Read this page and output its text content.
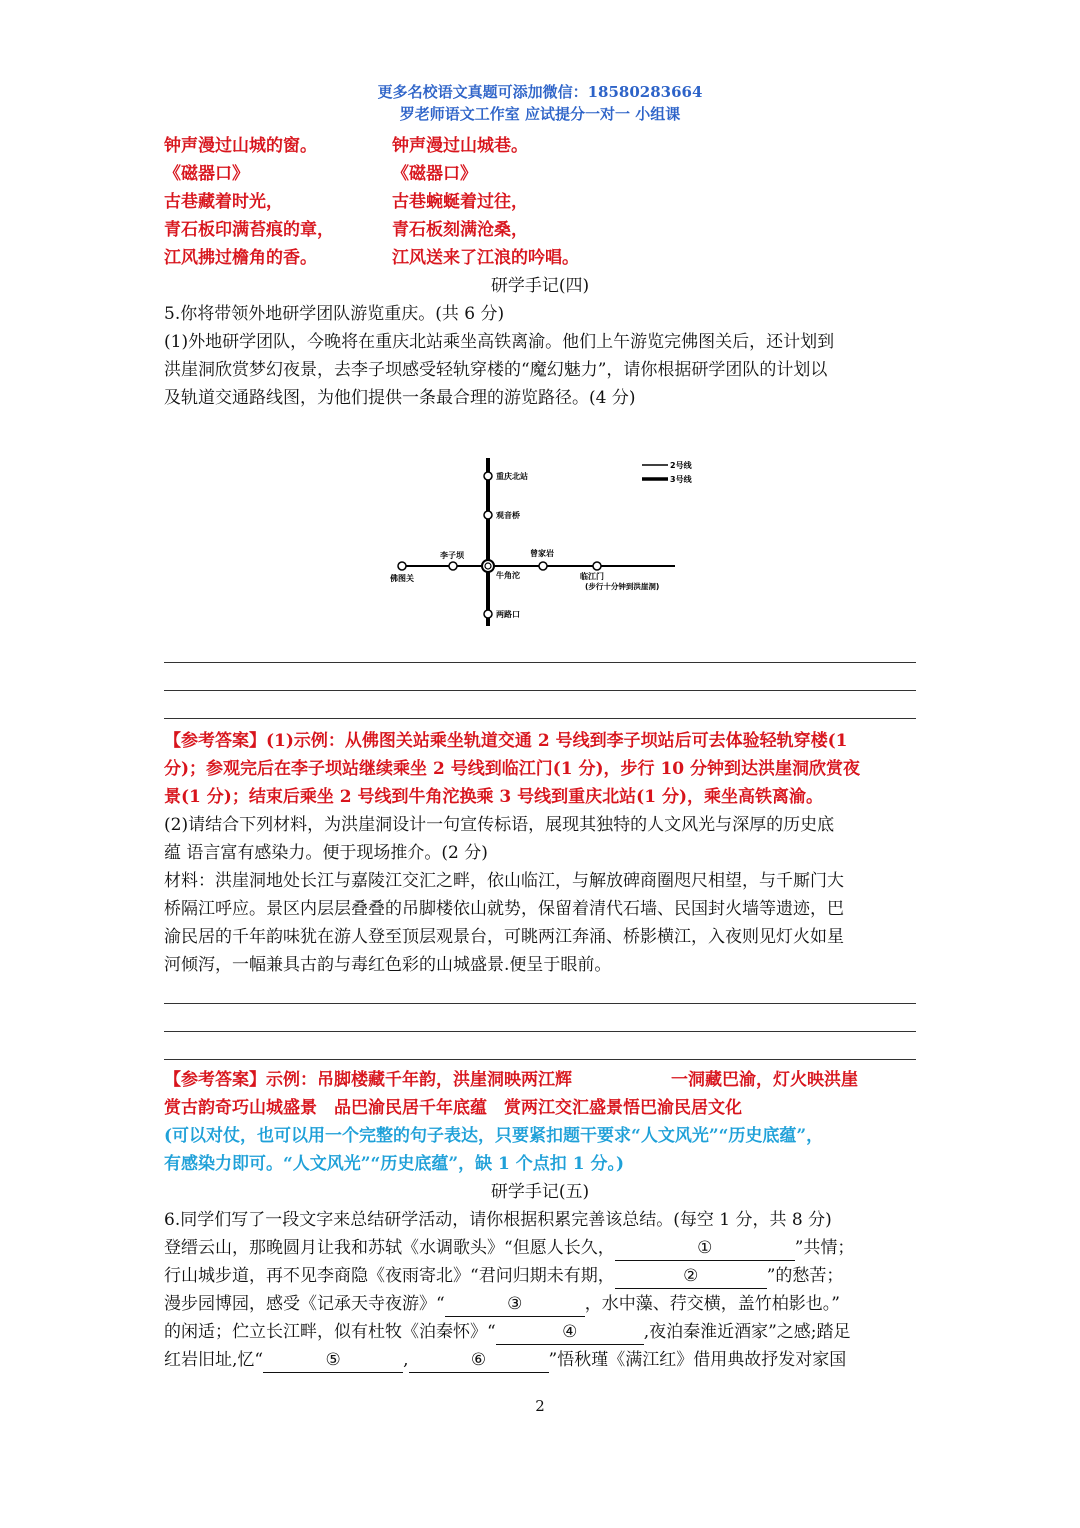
更多名校语文真题可添加微信：18580283664
罗老师语文工作室 应试提分一对一 小组课
钟声漫过山城的窗。	钟声漫过山城巷。
《磁器口》	《磁器口》
古巷藏着时光，	古巷蜿蜒着过往，
青石板印满苔痕的章，	青石板刻满沧桑，
江风拂过檐角的香。	江风送来了江浪的吟唱。
研学手记(四)
5.你将带领外地研学团队游览重庆。(共 6 分)
(1)外地研学团队，今晚将在重庆北站乘坐高铁离渝。他们上午游览完佛图关后，还计划到
洪崖洞欣赏梦幻夜景，去李子坝感受轻轨穿楼的“魔幻魅力”，请你根据研学团队的计划以
及轨道交通路线图，为他们提供一条最合理的游览路径。(4 分)
2号线
3号线
重庆北站
观音桥
两路口
牛角沱
佛图关
李子坝	曾家岩
临江门
(步行十分钟到洪崖洞)
【参考答案】(1)示例：从佛图关站乘坐轨道交通 2 号线到李子坝站后可去体验轻轨穿楼(1
分)；参观完后在李子坝站继续乘坐 2 号线到临江门(1 分)，步行 10 分钟到达洪崖洞欣赏夜
景(1 分)；结束后乘坐 2 号线到牛角沱换乘 3 号线到重庆北站(1 分)，乘坐高铁离渝。
(2)请结合下列材料，为洪崖洞设计一句宣传标语，展现其独特的人文风光与深厚的历史底
蕴 语言富有感染力。便于现场推介。(2 分)
材料：洪崖洞地处长江与嘉陵江交汇之畔，依山临江，与解放碑商圈咫尺相望，与千厮门大
桥隔江呼应。景区内层层叠叠的吊脚楼依山就势，保留着清代石墙、民国封火墙等遗迹，巴
渝民居的千年韵味犹在游人登至顶层观景台，可眺两江奔涌、桥影横江，入夜则见灯火如星
河倾泻，一幅兼具古韵与毒红色彩的山城盛景.便呈于眼前。
【参考答案】示例：吊脚楼藏千年韵，洪崖洞映两江辉	一洞藏巴渝，灯火映洪崖
赏古韵奇巧山城盛景　品巴渝民居千年底蕴　赏两江交汇盛景悟巴渝民居文化
(可以对仗，也可以用一个完整的句子表达，只要紧扣题干要求“人文风光”“历史底蕴”，
有感染力即可。“人文风光”“历史底蕴”，缺 1 个点扣 1 分。)
研学手记(五)
6.同学们写了一段文字来总结研学活动，请你根据积累完善该总结。(每空 1 分，共 8 分)
登缙云山，那晚圆月让我和苏轼《水调歌头》“但愿人长久，	①	”共情；
行山城步道，再不见李商隐《夜雨寄北》“君问归期未有期，	②	”的愁苦；
漫步园博园，感受《记承天寺夜游》“	③	，水中藻、荇交横，盖竹柏影也。”
的闲适；伫立长江畔，似有杜牧《泊秦怀》“	④	,夜泊秦淮近酒家”之感;踏足
红岩旧址,忆“	⑤	,	⑥	”悟秋瑾《满江红》借用典故抒发对家国
2
